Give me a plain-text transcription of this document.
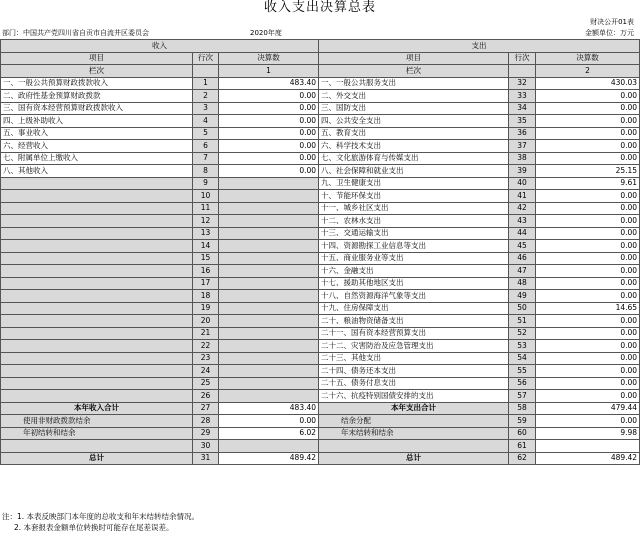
收入支出决算总表
财决公开01表
部门：中国共产党四川省自贡市自流井区委员会	2020年度	金额单位：万元
收入			支出		
项目	行次	决算数	项目	行次	决算数
栏次		1	栏次		2
一、一般公共预算财政拨款收入	1	483.40	一、一般公共服务支出	32	430.03
二、政府性基金预算财政拨款	2	0.00	二、外交支出	33	0.00
三、国有资本经营预算财政拨款收入	3	0.00	三、国防支出	34	0.00
四、上级补助收入	4	0.00	四、公共安全支出	35	0.00
五、事业收入	5	0.00	五、教育支出	36	0.00
六、经营收入	6	0.00	六、科学技术支出	37	0.00
七、附属单位上缴收入	7	0.00	七、文化旅游体育与传媒支出	38	0.00
八、其他收入	8	0.00	八、社会保障和就业支出	39	25.15
	9		九、卫生健康支出	40	9.61
	10		十、节能环保支出	41	0.00
	11		十一、城乡社区支出	42	0.00
	12		十二、农林水支出	43	0.00
	13		十三、交通运输支出	44	0.00
	14		十四、资源勘探工业信息等支出	45	0.00
	15		十五、商业服务业等支出	46	0.00
	16		十六、金融支出	47	0.00
	17		十七、援助其他地区支出	48	0.00
	18		十八、自然资源海洋气象等支出	49	0.00
	19		十九、住房保障支出	50	14.65
	20		二十、粮油物资储备支出	51	0.00
	21		二十一、国有资本经营预算支出	52	0.00
	22		二十二、灾害防治及应急管理支出	53	0.00
	23		二十三、其他支出	54	0.00
	24		二十四、债务还本支出	55	0.00
	25		二十五、债务付息支出	56	0.00
	26		二十六、抗疫特别国债安排的支出	57	0.00
本年收入合计	27	483.40	本年支出合计	58	479.44
使用非财政拨款结余	28	0.00	结余分配	59	0.00
年初结转和结余	29	6.02	年末结转和结余	60	9.98
	30			61	
总计	31	489.42	总计	62	489.42
注：1. 本表反映部门本年度的总收支和年末结转结余情况。
2. 本套报表金额单位转换时可能存在尾差误差。
